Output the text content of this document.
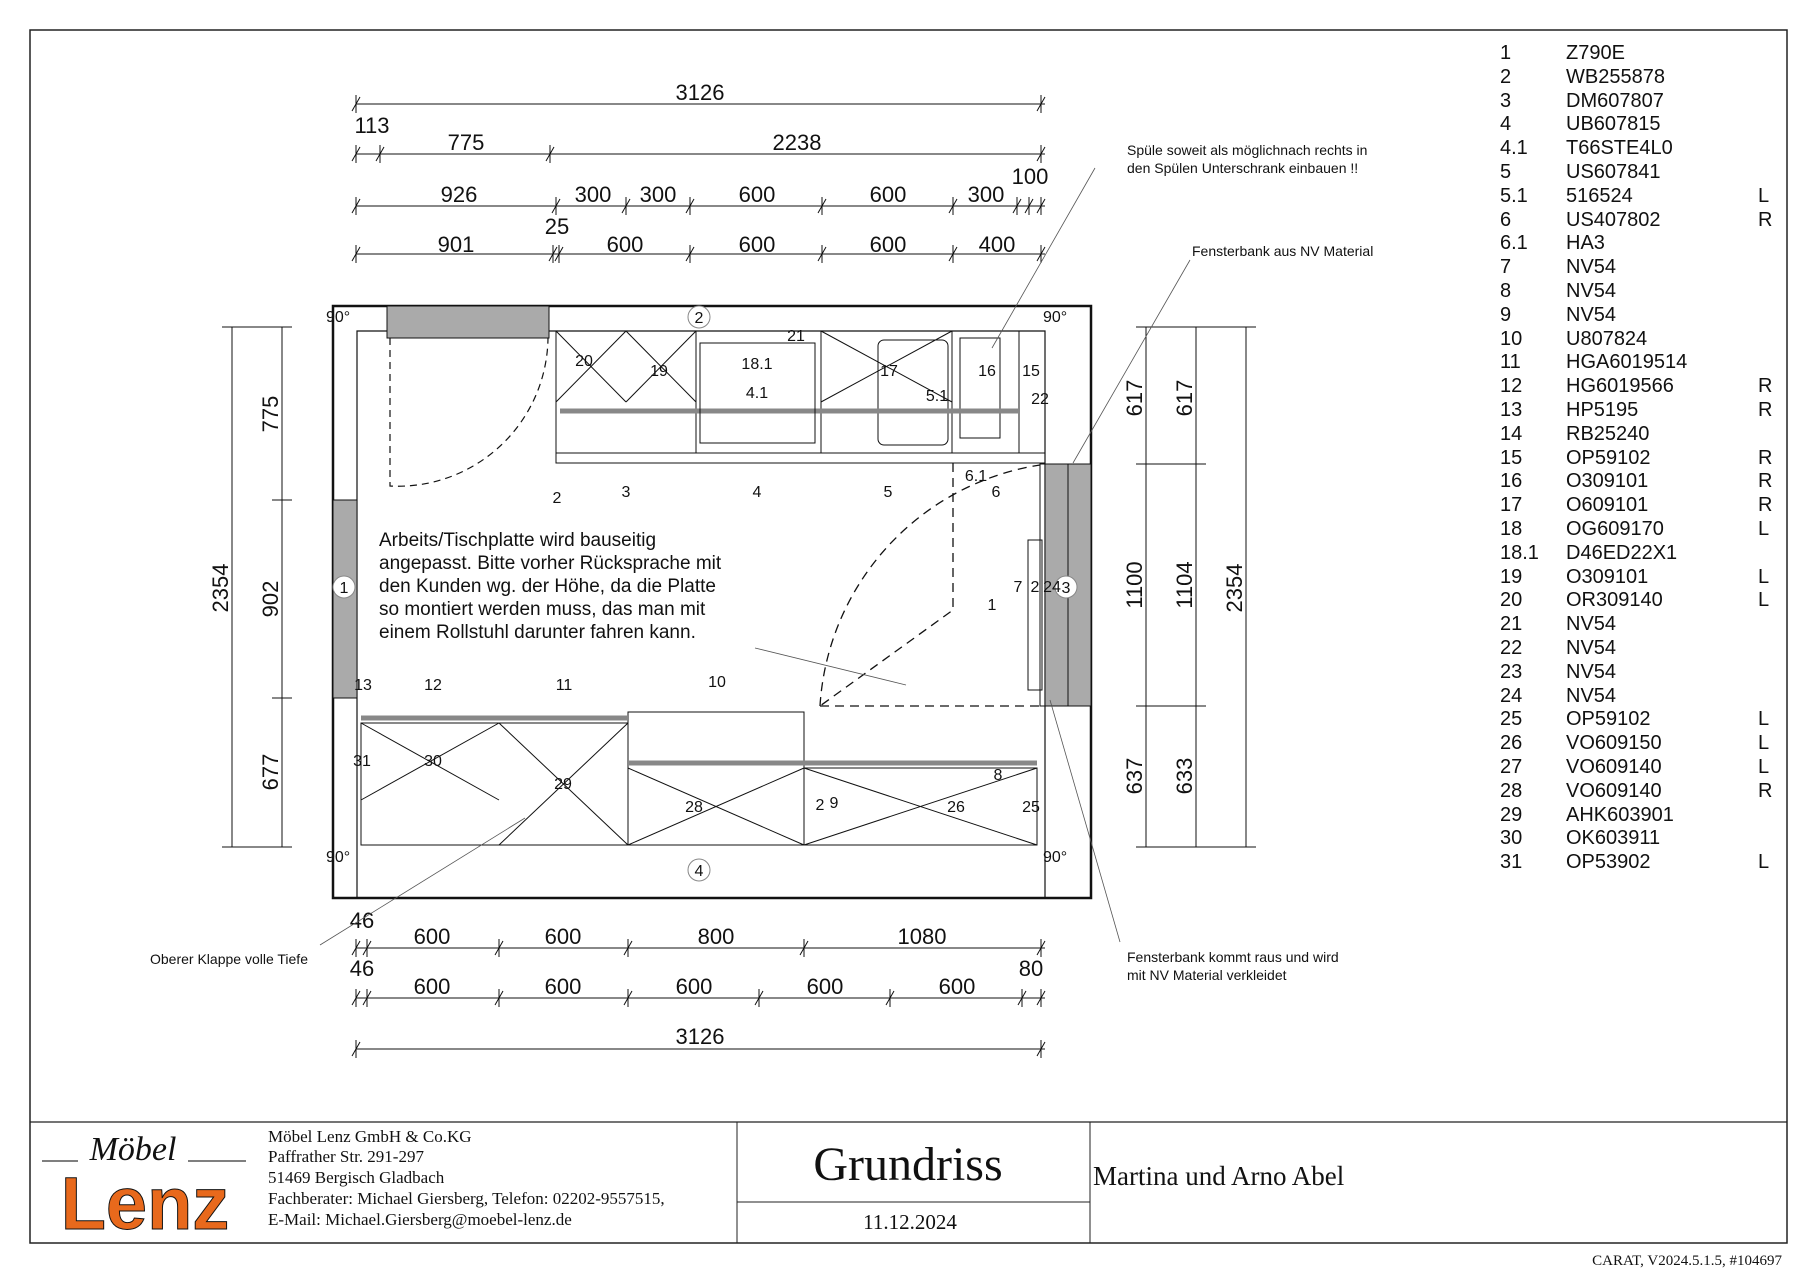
3126
113
775	2238
926	300 300	600	600	300
100
901
25
600	600	600	400
46
600	600	800	1080
46
600	600	600	600	600
80
3126
2354
775
902
677
617
1100
637
617
1104
633
2354
90°	90°
90°	90°
1
2
3
4
20
19	18.1
4.1
21
17
5.1
16 15
22
2	3	4	5
6.1
6
7 2 24
1
13	12	11	10
31	30
29
28	2 9	26	25
8
Spüle soweit als möglichnach rechts in
den Spülen Unterschrank einbauen !!
Fensterbank aus NV Material
Fensterbank kommt raus und wird
mit NV Material verkleidet
Oberer Klappe volle Tiefe
Arbeits/Tischplatte wird bauseitig
angepasst. Bitte vorher Rücksprache mit
den Kunden wg. der Höhe, da die Platte
so montiert werden muss, das man mit
einem Rollstuhl darunter fahren kann.
Möbel
Lenz
Möbel Lenz GmbH & Co.KG
Paffrather Str. 291-297
51469 Bergisch Gladbach
Fachberater: Michael Giersberg, Telefon: 02202-9557515,
E-Mail: Michael.Giersberg@moebel-lenz.de
Grundriss
11.12.2024
Martina und Arno Abel
CARAT, V2024.5.1.5, #104697
1	Z790E
2	WB255878
3	DM607807
4	UB607815
4.1	T66STE4L0
5	US607841
5.1	516524	L
6	US407802	R
6.1	HA3
7	NV54
8	NV54
9	NV54
10	U807824
11	HGA6019514
12	HG6019566	R
13	HP5195	R
14	RB25240
15	OP59102	R
16	O309101	R
17	O609101	R
18	OG609170	L
18.1	D46ED22X1
19	O309101	L
20	OR309140	L
21	NV54
22	NV54
23	NV54
24	NV54
25	OP59102	L
26	VO609150	L
27	VO609140	L
28	VO609140	R
29	AHK603901
30	OK603911
31	OP53902	L
